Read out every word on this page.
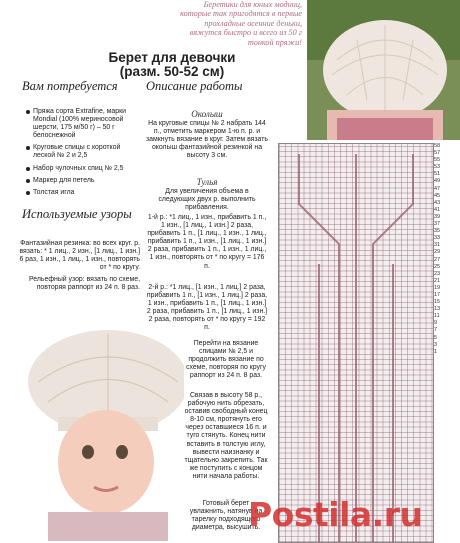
Беретики для юных модниц, которые так пригодятся в первые прохладные осенние деньки, вяжутся быстро и всего из 50 г тонкой пряжи!
Берет для девочки
(разм. 50-52 см)
Вам потребуется
Пряжа сорта Extrafine, марки Mondial (100% мериносовой шерсти, 175 м/50 г) – 50 г белоснежной
Круговые спицы с короткой леской № 2 и 2,5
Набор чулочных спиц № 2,5
Маркер для петель
Толстая игла
Используемые узоры
Фантазийная резинка: во всех круг. р. вязать: * 1 лиц., 2 изн., [1 лиц., 1 изн.] 6 раз, 1 изн., 1 лиц., 1 изн., повторять от * по кругу.
Рельефный узор: вязать по схеме, повторяя раппорт из 24 п. 8 раз.
Описание работы
Околыш
На круговые спицы № 2 набрать 144 п., отметить маркером 1-ю п. р. и замкнуть вязание в круг. Затем вязать околыш фантазийной резинкой на высоту 3 см.
Тулья
Для увеличения объема в следующих двух р. выполнить прибавления.
1-й р.: *1 лиц., 1 изн., прибавить 1 п., 1 изн., [1 лиц., 1 изн.] 2 раза, прибавить 1 п., [1 лиц., 1 изн., 1 лиц., прибавить 1 п., 1 изн., [1 лиц., 1 изн.] 2 раза, прибавить 1 п., 1 изн., 1 лиц., 1 изн., повторять от * по кругу = 176 п.
2-й р.: *1 лиц., [1 изн., 1 лиц.] 2 раза, прибавить 1 п., [1 изн., 1 лиц.] 2 раза, 1 изн., прибавить 1 п., [1 лиц., 1 изн.] 2 раза, прибавить 1 п., [1 лиц., 1 изн.] 2 раза, повторять от * по кругу = 192 п.
Перейти на вязание спицами № 2,5 и продолжить вязание по схеме, повторяя по кругу раппорт из 24 п. 8 раз.
Связав в высоту 58 р., рабочую нить обрезать, оставив свободный конец 8-10 см, протянуть его через оставшиеся 16 п. и туго стянуть. Конец нити вставить в толстую иглу, вывести наизнанку и тщательно закрепить. Так же поступить с концом нити начала работы.
Готовый берет увлажнить, натянув на тарелку подходящего диаметра, высушить.
58
57
55
53
51
49
47
45
43
41
39
37
35
33
31
29
27
25
23
21
19
17
15
13
11
9
7
5
3
1
Postila.ru
